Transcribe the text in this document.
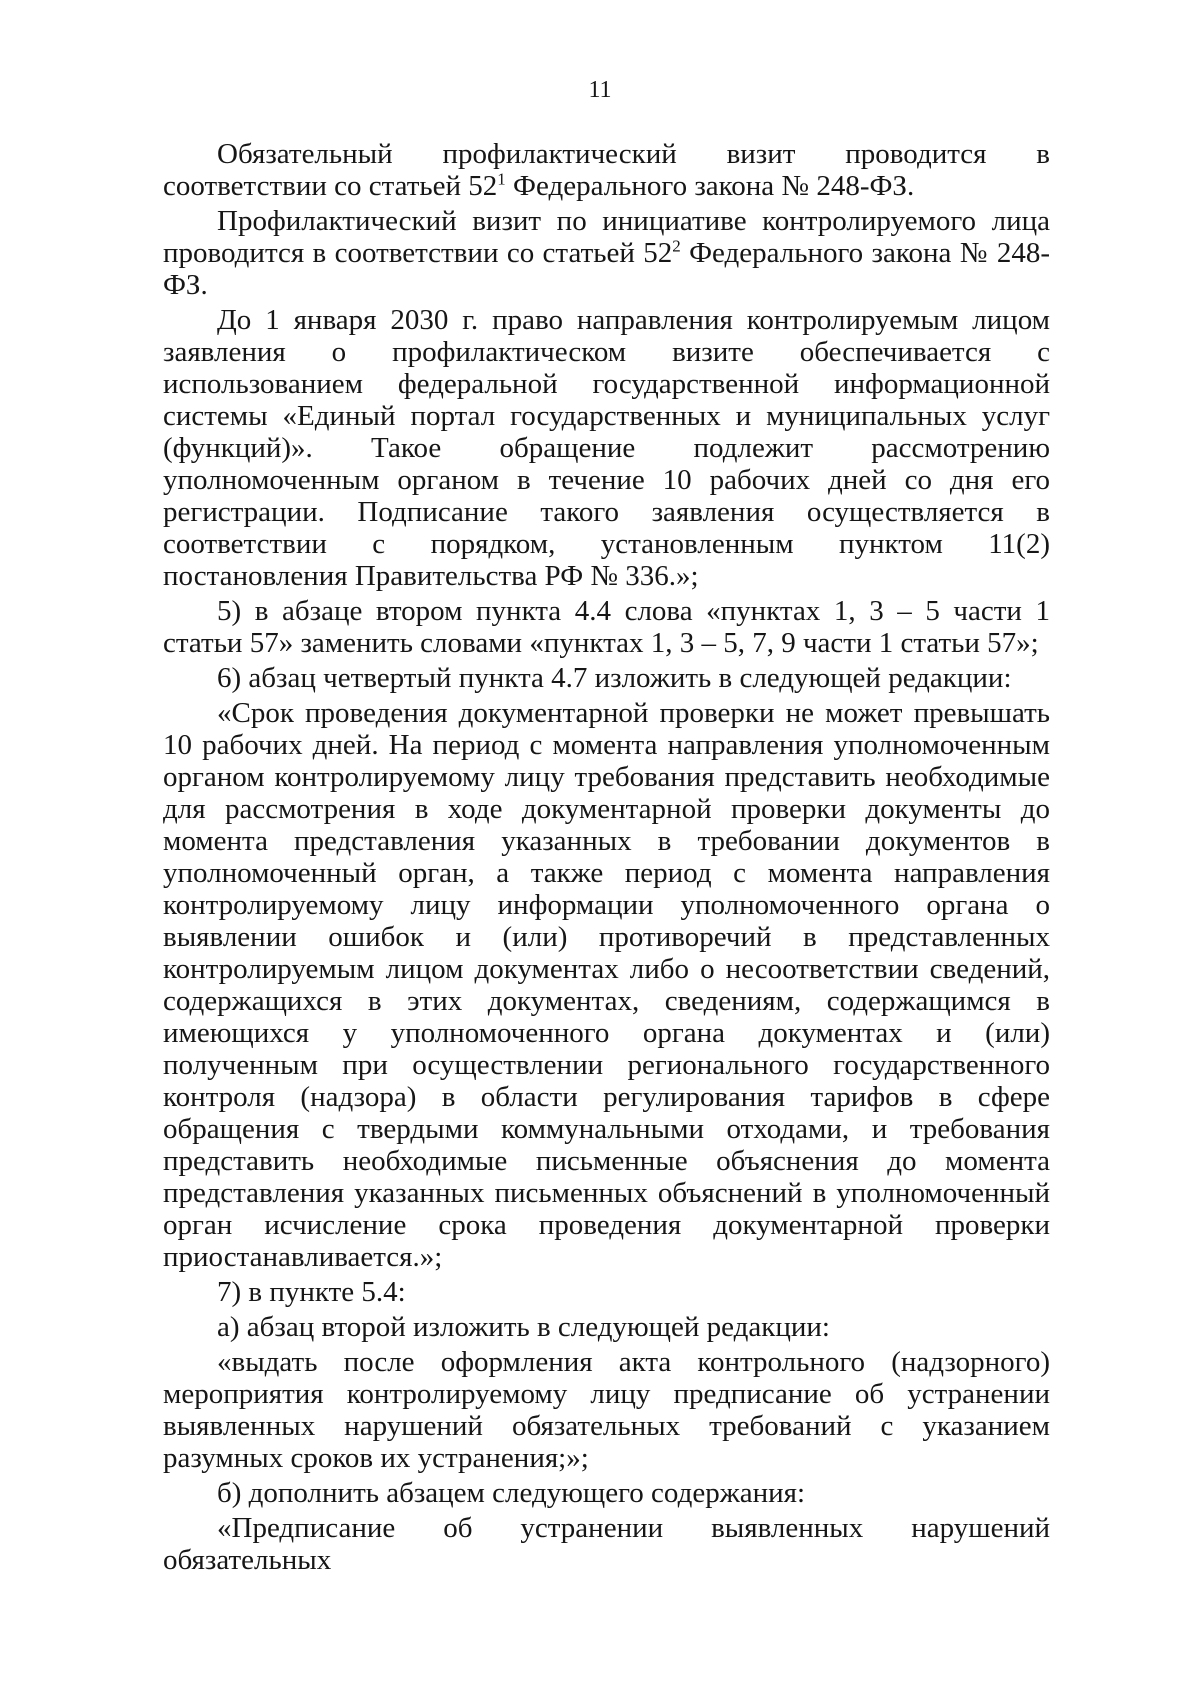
11

Обязательный профилактический визит проводится в соответствии со статьей $52^1$ Федерального закона № 248-ФЗ.

Профилактический визит по инициативе контролируемого лица проводится в соответствии со статьей $52^2$ Федерального закона № 248-ФЗ.

До 1 января 2030 г. право направления контролируемым лицом заявления о профилактическом визите обеспечивается с использованием федеральной государственной информационной системы «Единый портал государственных и муниципальных услуг (функций)». Такое обращение подлежит рассмотрению уполномоченным органом в течение 10 рабочих дней со дня его регистрации. Подписание такого заявления осуществляется в соответствии с порядком, установленным пунктом 11(2) постановления Правительства РФ № 336.»;

5) в абзаце втором пункта 4.4 слова «пунктах 1, 3 – 5 части 1 статьи 57» заменить словами «пунктах 1, 3 – 5, 7, 9 части 1 статьи 57»;

6) абзац четвертый пункта 4.7 изложить в следующей редакции:

«Срок проведения документарной проверки не может превышать 10 рабочих дней. На период с момента направления уполномоченным органом контролируемому лицу требования представить необходимые для рассмотрения в ходе документарной проверки документы до момента представления указанных в требовании документов в уполномоченный орган, а также период с момента направления контролируемому лицу информации уполномоченного органа о выявлении ошибок и (или) противоречий в представленных контролируемым лицом документах либо о несоответствии сведений, содержащихся в этих документах, сведениям, содержащимся в имеющихся у уполномоченного органа документах и (или) полученным при осуществлении регионального государственного контроля (надзора) в области регулирования тарифов в сфере обращения с твердыми коммунальными отходами, и требования представить необходимые письменные объяснения до момента представления указанных письменных объяснений в уполномоченный орган исчисление срока проведения документарной проверки приостанавливается.»;

7) в пункте 5.4:

а) абзац второй изложить в следующей редакции:

«выдать после оформления акта контрольного (надзорного) мероприятия контролируемому лицу предписание об устранении выявленных нарушений обязательных требований с указанием разумных сроков их устранения;»;

б) дополнить абзацем следующего содержания:

«Предписание об устранении выявленных нарушений обязательных
